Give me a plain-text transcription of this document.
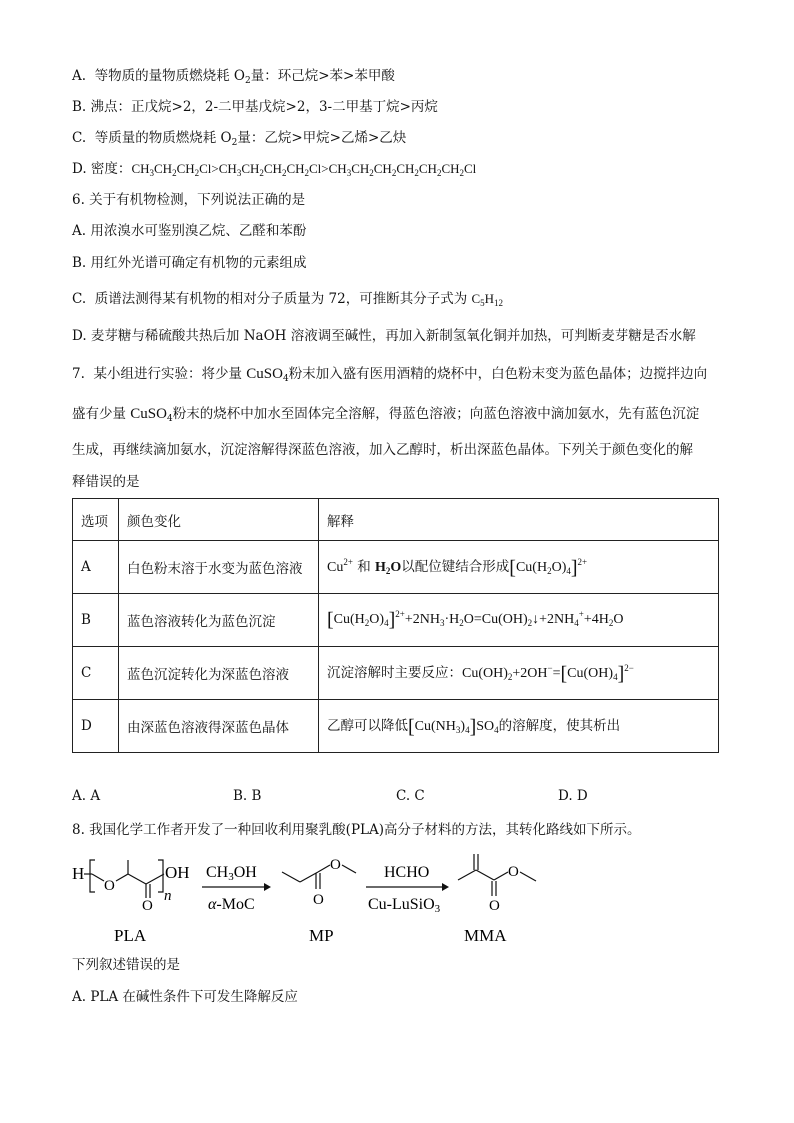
A.  等物质的量物质燃烧耗 $O_2$量：环己烷>苯>苯甲酸
B. 沸点：正戊烷>2，2-二甲基戊烷>2，3-二甲基丁烷>丙烷
C.  等质量的物质燃烧耗 $O_2$量：乙烷>甲烷>乙烯>乙炔
D. 密度：$CH_3CH_2CH_2Cl>CH_3CH_2CH_2CH_2Cl>CH_3CH_2CH_2CH_2CH_2CH_2Cl$
6. 关于有机物检测，下列说法正确的是
A. 用浓溴水可鉴别溴乙烷、乙醛和苯酚
B. 用红外光谱可确定有机物的元素组成
C.  质谱法测得某有机物的相对分子质量为 72，可推断其分子式为 $C_5H_{12}$
D. 麦芽糖与稀硫酸共热后加 NaOH 溶液调至碱性，再加入新制氢氧化铜并加热，可判断麦芽糖是否水解
7.  某小组进行实验：将少量 CuSO$_4$粉末加入盛有医用酒精的烧杯中，白色粉末变为蓝色晶体；边搅拌边向
盛有少量 CuSO$_4$粉末的烧杯中加水至固体完全溶解，得蓝色溶液；向蓝色溶液中滴加氨水，先有蓝色沉淀
生成，再继续滴加氨水，沉淀溶解得深蓝色溶液，加入乙醇时，析出深蓝色晶体。下列关于颜色变化的解
释错误的是
选项	颜色变化	解释
A	白色粉末溶于水变为蓝色溶液	$Cu^{2+}$ 和 $H_2O$以配位键结合形成$[Cu(H_2O)_4]^{2+}$
B	蓝色溶液转化为蓝色沉淀	$[Cu(H_2O)_4]^{2+}+2NH_3\cdot H_2O=Cu(OH)_2↓+2NH_4^++4H_2O$
C	蓝色沉淀转化为深蓝色溶液	沉淀溶解时主要反应：$Cu(OH)_2+2OH^-=[Cu(OH)_4]^{2-}$
D	由深蓝色溶液得深蓝色晶体	乙醇可以降低$[Cu(NH_3)_4]SO_4$的溶解度，使其析出
A. A	B. B	C. C	D. D
8. 我国化学工作者开发了一种回收利用聚乳酸(PLA)高分子材料的方法，其转化路线如下所示。
H
O
O
n
OH
PLA
CH3OH
α-MoC	O
O
MP
HCHO
Cu-LuSiO3	O
O
MMA
下列叙述错误的是
A. PLA 在碱性条件下可发生降解反应
